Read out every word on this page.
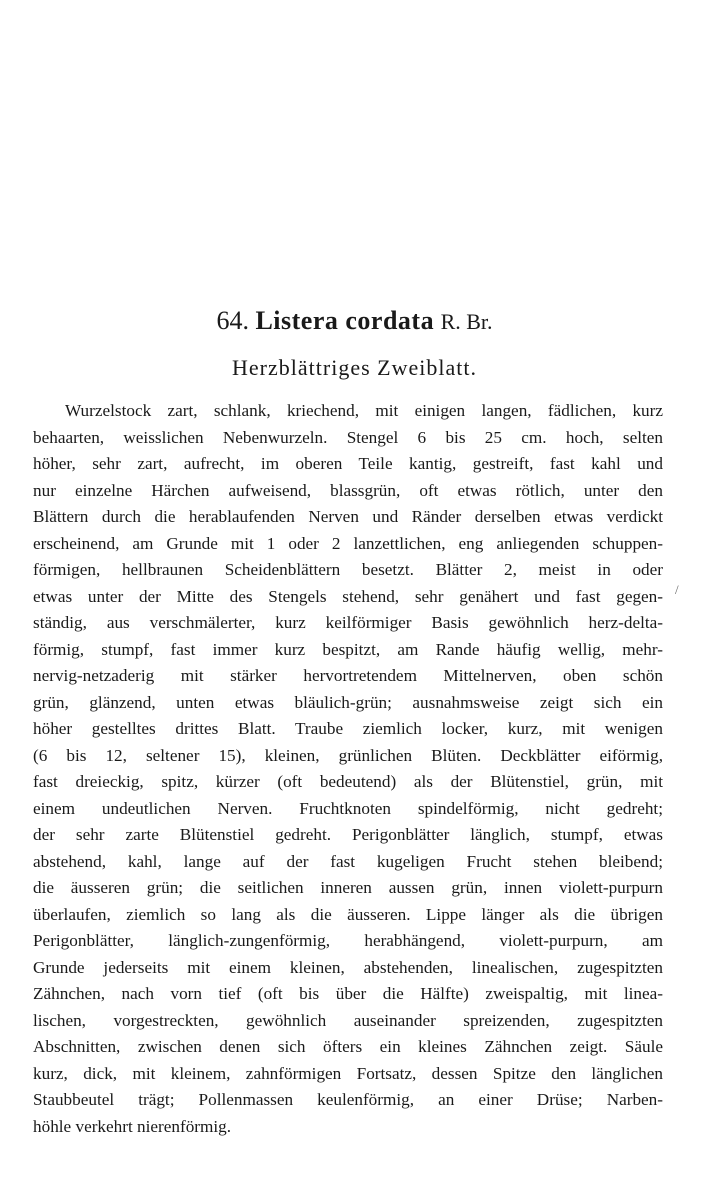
64. Listera cordata R. Br.
Herzblättriges Zweiblatt.
Wurzelstock zart, schlank, kriechend, mit einigen langen, fädlichen, kurz
behaarten, weisslichen Nebenwurzeln. Stengel 6 bis 25 cm. hoch, selten
höher, sehr zart, aufrecht, im oberen Teile kantig, gestreift, fast kahl und
nur einzelne Härchen aufweisend, blassgrün, oft etwas rötlich, unter den
Blättern durch die herablaufenden Nerven und Ränder derselben etwas verdickt
erscheinend, am Grunde mit 1 oder 2 lanzettlichen, eng anliegenden schuppen-
förmigen, hellbraunen Scheidenblättern besetzt. Blätter 2, meist in oder
etwas unter der Mitte des Stengels stehend, sehr genähert und fast gegen-
ständig, aus verschmälerter, kurz keilförmiger Basis gewöhnlich herz-delta-
förmig, stumpf, fast immer kurz bespitzt, am Rande häufig wellig, mehr-
nervig-netzaderig mit stärker hervortretendem Mittelnerven, oben schön
grün, glänzend, unten etwas bläulich-grün; ausnahmsweise zeigt sich ein
höher gestelltes drittes Blatt. Traube ziemlich locker, kurz, mit wenigen
(6 bis 12, seltener 15), kleinen, grünlichen Blüten. Deckblätter eiförmig,
fast dreieckig, spitz, kürzer (oft bedeutend) als der Blütenstiel, grün, mit
einem undeutlichen Nerven. Fruchtknoten spindelförmig, nicht gedreht;
der sehr zarte Blütenstiel gedreht. Perigonblätter länglich, stumpf, etwas
abstehend, kahl, lange auf der fast kugeligen Frucht stehen bleibend;
die äusseren grün; die seitlichen inneren aussen grün, innen violett-purpurn
überlaufen, ziemlich so lang als die äusseren. Lippe länger als die übrigen
Perigonblätter, länglich-zungenförmig, herabhängend, violett-purpurn, am
Grunde jederseits mit einem kleinen, abstehenden, linealischen, zugespitzten
Zähnchen, nach vorn tief (oft bis über die Hälfte) zweispaltig, mit linea-
lischen, vorgestreckten, gewöhnlich auseinander spreizenden, zugespitzten
Abschnitten, zwischen denen sich öfters ein kleines Zähnchen zeigt. Säule
kurz, dick, mit kleinem, zahnförmigen Fortsatz, dessen Spitze den länglichen
Staubbeutel trägt; Pollenmassen keulenförmig, an einer Drüse; Narben-
höhle verkehrt nierenförmig.
/
